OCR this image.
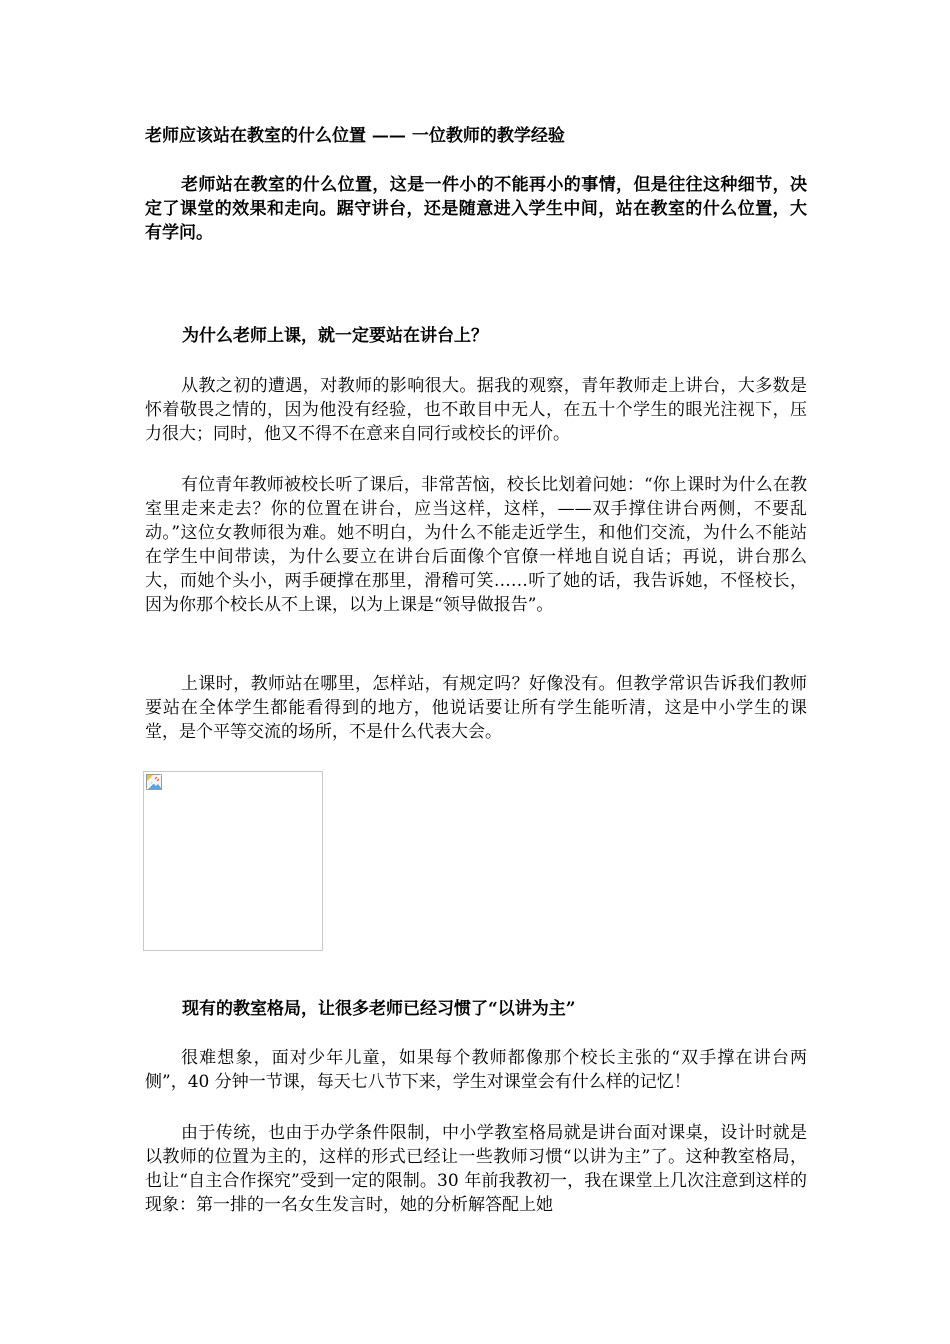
老师应该站在教室的什么位置 —— 一位教师的教学经验

老师站在教室的什么位置，这是一件小的不能再小的事情，但是往往这种细节，决定了课堂的效果和走向。踞守讲台，还是随意进入学生中间，站在教室的什么位置，大有学问。

为什么老师上课，就一定要站在讲台上？

从教之初的遭遇，对教师的影响很大。据我的观察，青年教师走上讲台，大多数是怀着敬畏之情的，因为他没有经验，也不敢目中无人，在五十个学生的眼光注视下，压力很大；同时，他又不得不在意来自同行或校长的评价。

有位青年教师被校长听了课后，非常苦恼，校长比划着问她：“你上课时为什么在教室里走来走去？你的位置在讲台，应当这样，这样，——双手撑住讲台两侧，不要乱动。”这位女教师很为难。她不明白，为什么不能走近学生，和他们交流，为什么不能站在学生中间带读，为什么要立在讲台后面像个官僚一样地自说自话；再说，讲台那么大，而她个头小，两手硬撑在那里，滑稽可笑……听了她的话，我告诉她，不怪校长，因为你那个校长从不上课，以为上课是“领导做报告”。

上课时，教师站在哪里，怎样站，有规定吗？好像没有。但教学常识告诉我们教师要站在全体学生都能看得到的地方，他说话要让所有学生能听清，这是中小学生的课堂，是个平等交流的场所，不是什么代表大会。

现有的教室格局，让很多老师已经习惯了“以讲为主”

很难想象，面对少年儿童，如果每个教师都像那个校长主张的“双手撑在讲台两侧”，40 分钟一节课，每天七八节下来，学生对课堂会有什么样的记忆！

由于传统，也由于办学条件限制，中小学教室格局就是讲台面对课桌，设计时就是以教师的位置为主的，这样的形式已经让一些教师习惯“以讲为主”了。这种教室格局，也让“自主合作探究”受到一定的限制。30 年前我教初一，我在课堂上几次注意到这样的现象：第一排的一名女生发言时，她的分析解答配上她
